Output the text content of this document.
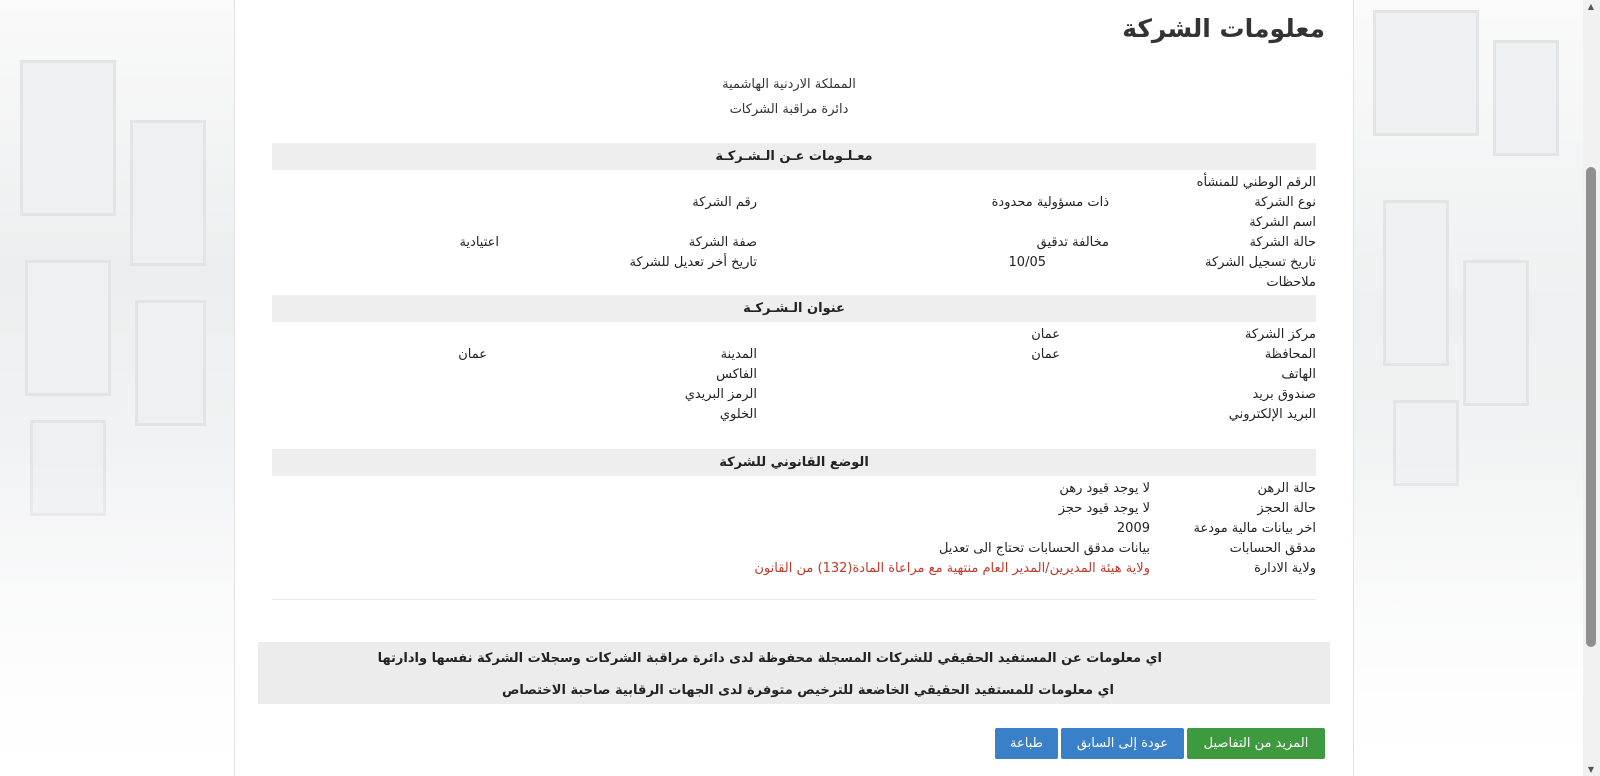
معلومات الشركة
المملكة الاردنية الهاشمية
دائرة مراقبة الشركات
معـلـومات عـن الـشـركـة
الرقم الوطني للمنشأه
نوع الشركة
ذات مسؤولية محدودة
رقم الشركة
اسم الشركة
حالة الشركة
مخالفة تدقيق
صفة الشركة
اعتيادية
تاريخ تسجيل الشركة
10/05
تاريخ أخر تعديل للشركة
ملاحظات
عنوان الـشـركـة
مركز الشركة
عمان
المحافظة
عمان
المدينة
عمان
الهاتف
الفاكس
صندوق بريد
الرمز البريدي
البريد الإلكتروني
الخلوي
الوضع القانوني للشركة
حالة الرهن
لا يوجد قيود رهن
حالة الحجز
لا يوجد قيود حجز
اخر بيانات مالية مودعة
2009
مدقق الحسابات
بيانات مدقق الحسابات تحتاج الى تعديل
ولاية الادارة
ولاية هيئة المديرين/المدير العام منتهية مع مراعاة المادة(132) من القانون
اي معلومات عن المستفيد الحقيقي للشركات المسجلة محفوظة لدى دائرة مراقبة الشركات وسجلات الشركة نفسها وادارتها
اي معلومات للمستفيد الحقيقي الخاضعة للترخيص متوفرة لدى الجهات الرقابية صاحبة الاختصاص
المزيد من التفاصيل
عودة إلى السابق
طباعة
▲
▼
